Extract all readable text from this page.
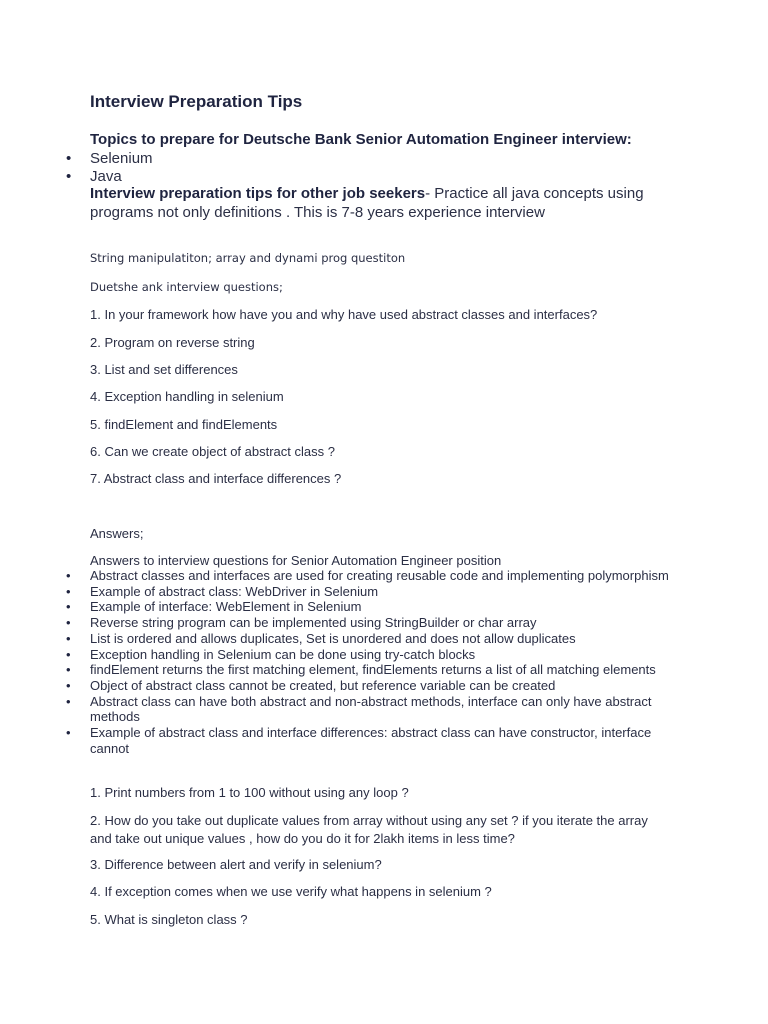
Interview Preparation Tips
Topics to prepare for Deutsche Bank Senior Automation Engineer interview:
• Selenium
• Java
Interview preparation tips for other job seekers- Practice all java concepts using programs not only definitions . This is 7-8 years experience interview
String manipulatiton; array and dynami prog questiton
Duetshe ank interview questions;
1. In your framework how have you and why have used abstract classes and interfaces?
2. Program on reverse string
3. List and set differences
4. Exception handling in selenium
5. findElement and findElements
6. Can we create object of abstract class ?
7. Abstract class and interface differences ?
Answers;
Answers to interview questions for Senior Automation Engineer position
• Abstract classes and interfaces are used for creating reusable code and implementing polymorphism
• Example of abstract class: WebDriver in Selenium
• Example of interface: WebElement in Selenium
• Reverse string program can be implemented using StringBuilder or char array
• List is ordered and allows duplicates, Set is unordered and does not allow duplicates
• Exception handling in Selenium can be done using try-catch blocks
• findElement returns the first matching element, findElements returns a list of all matching elements
• Object of abstract class cannot be created, but reference variable can be created
• Abstract class can have both abstract and non-abstract methods, interface can only have abstract methods
• Example of abstract class and interface differences: abstract class can have constructor, interface cannot
1. Print numbers from 1 to 100 without using any loop ?
2. How do you take out duplicate values from array without using any set ? if you iterate the array and take out unique values , how do you do it for 2lakh items in less time?
3. Difference between alert and verify in selenium?
4. If exception comes when we use verify what happens in selenium ?
5. What is singleton class ?
